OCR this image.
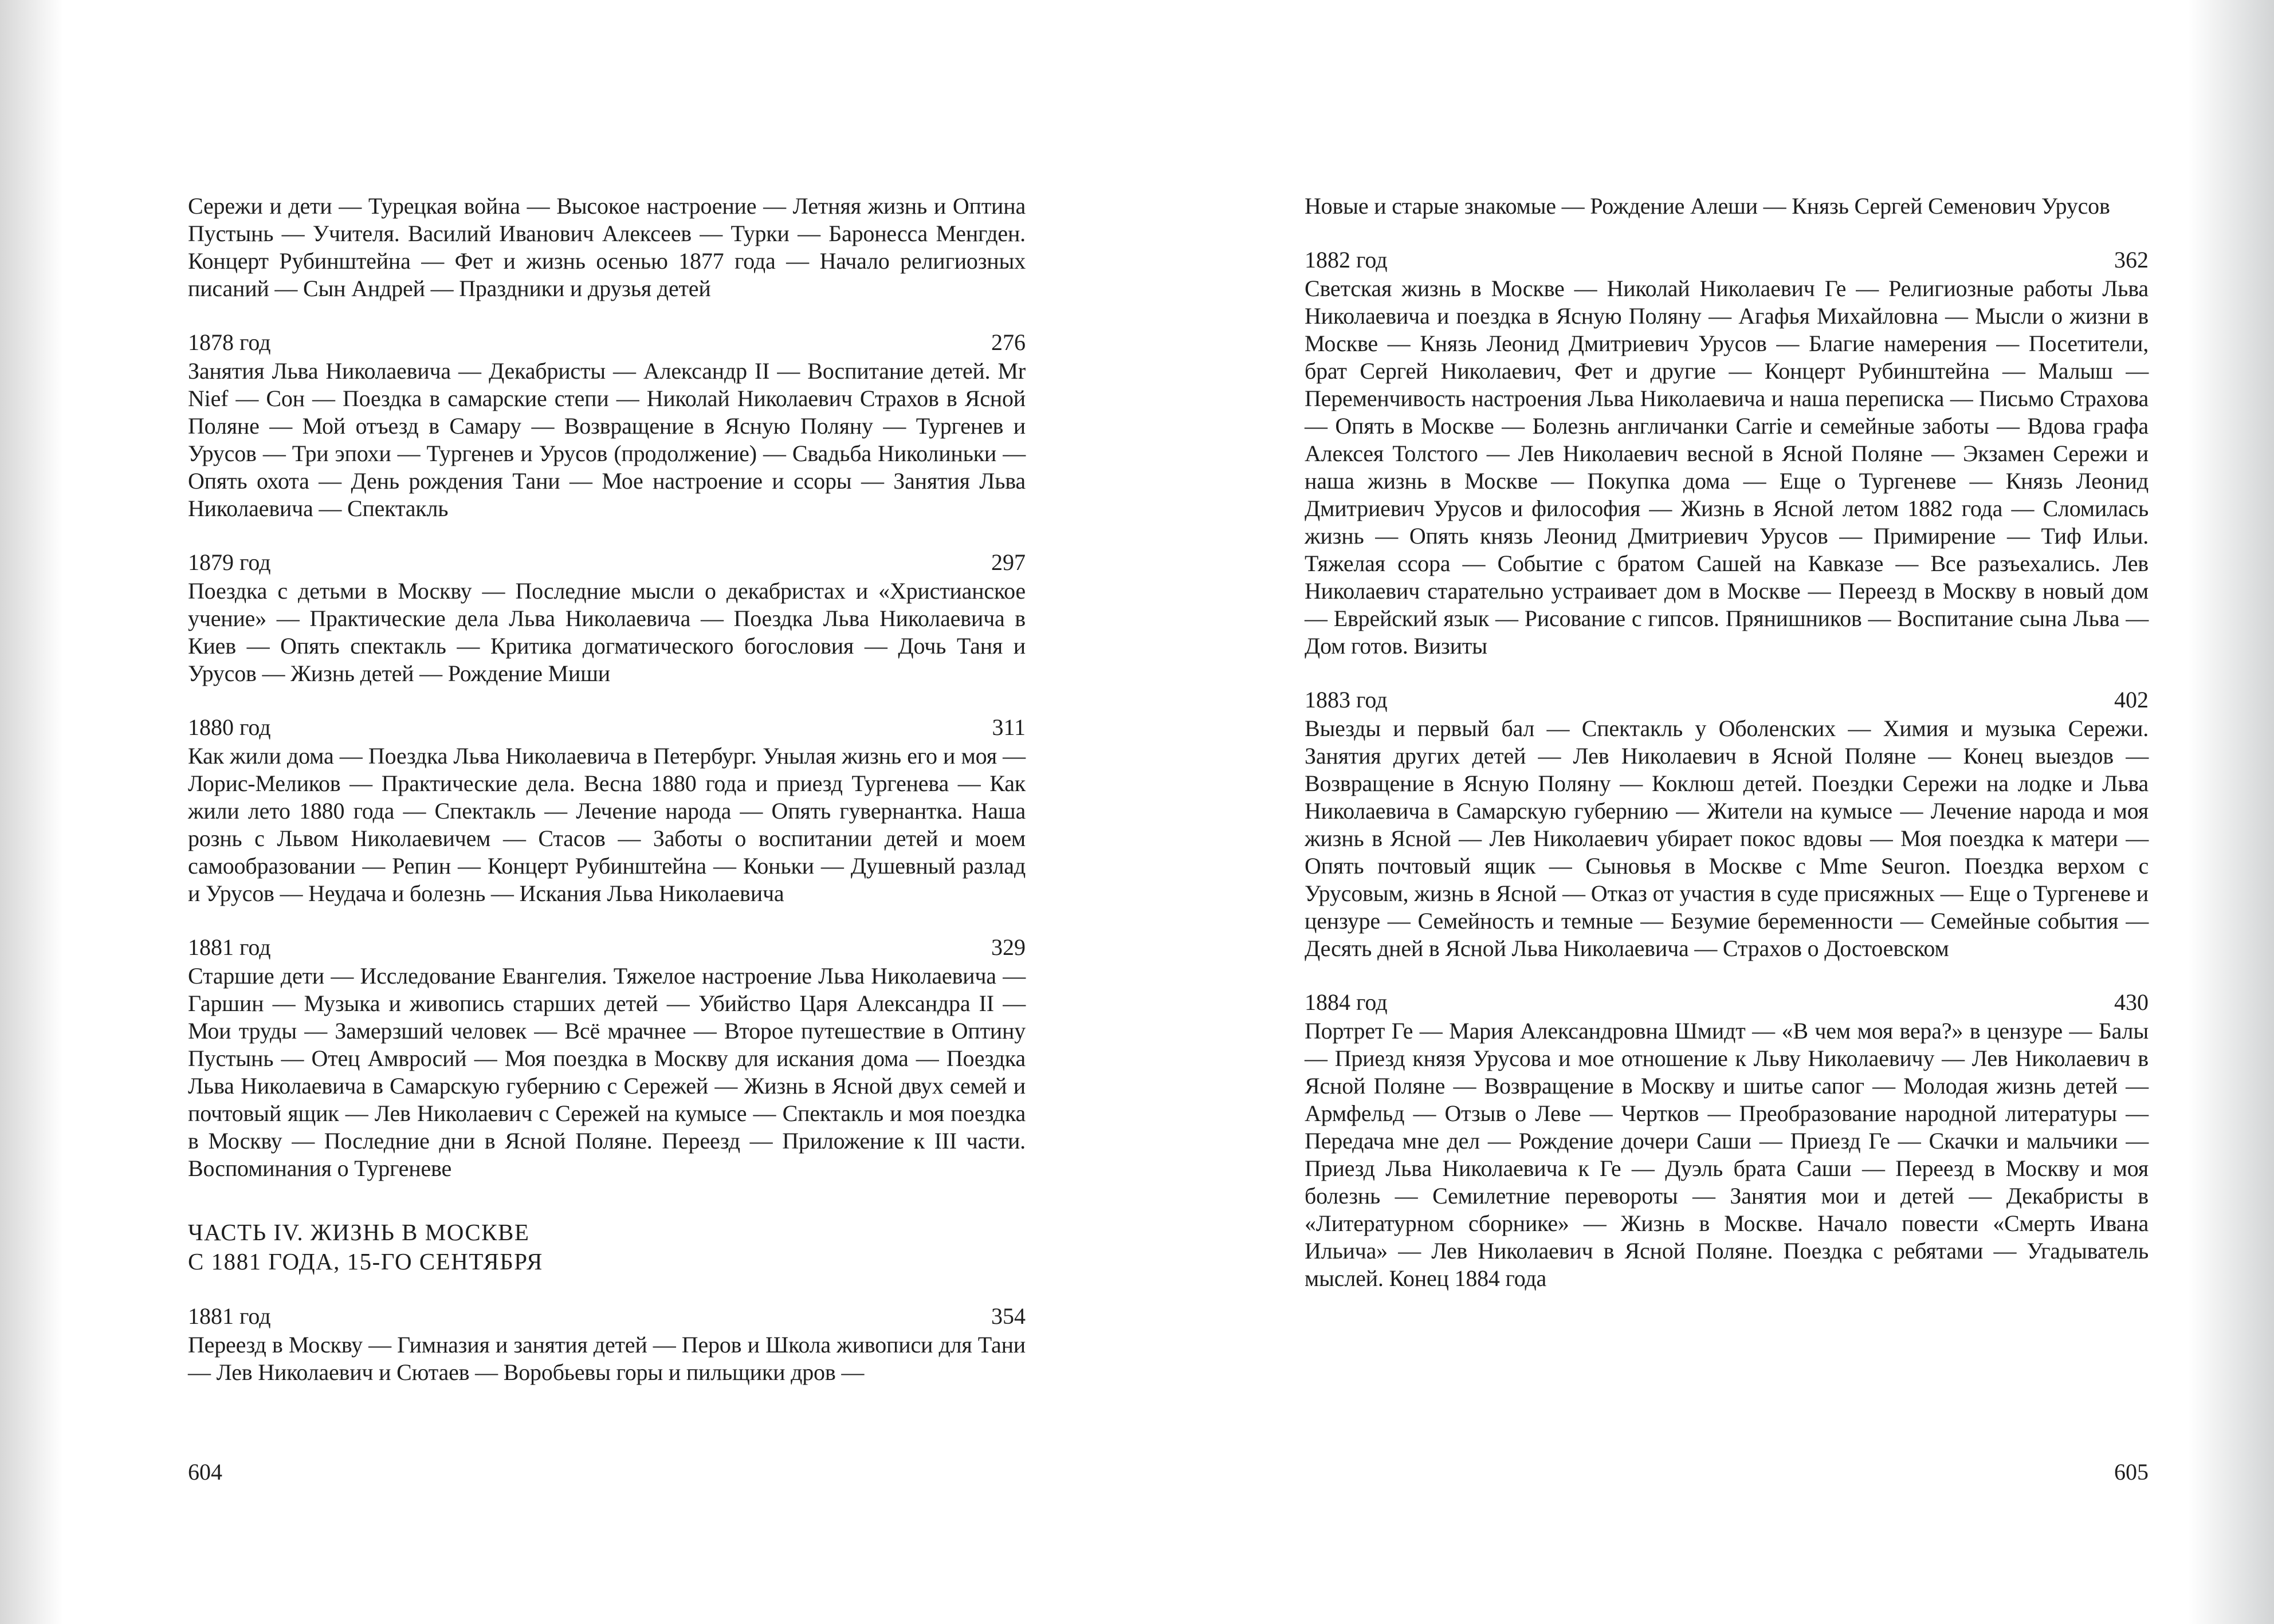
Сережи и дети — Турецкая война — Высокое настроение — Летняя жизнь и Оптина Пустынь — Учителя. Василий Иванович Алексеев — Турки — Баронесса Менгден. Концерт Рубинштейна — Фет и жизнь осенью 1877 года — Начало религиозных писаний — Сын Андрей — Праздники и друзья детей

1878 год	276

Занятия Льва Николаевича — Декабристы — Александр II — Воспитание детей. Mr Nief — Сон — Поездка в самарские степи — Николай Николаевич Страхов в Ясной Поляне — Мой отъезд в Самару — Возвращение в Ясную Поляну — Тургенев и Урусов — Три эпохи — Тургенев и Урусов (продолжение) — Свадьба Николиньки — Опять охота — День рождения Тани — Мое настроение и ссоры — Занятия Льва Николаевича — Спектакль

1879 год	297

Поездка с детьми в Москву — Последние мысли о декабристах и «Христианское учение» — Практические дела Льва Николаевича — Поездка Льва Николаевича в Киев — Опять спектакль — Критика догматического богословия — Дочь Таня и Урусов — Жизнь детей — Рождение Миши

1880 год	311

Как жили дома — Поездка Льва Николаевича в Петербург. Унылая жизнь его и моя — Лорис-Меликов — Практические дела. Весна 1880 года и приезд Тургенева — Как жили лето 1880 года — Спектакль — Лечение народа — Опять гувернантка. Наша рознь с Львом Николаевичем — Стасов — Заботы о воспитании детей и моем самообразовании — Репин — Концерт Рубинштейна — Коньки — Душевный разлад и Урусов — Неудача и болезнь — Искания Льва Николаевича

1881 год	329

Старшие дети — Исследование Евангелия. Тяжелое настроение Льва Николаевича — Гаршин — Музыка и живопись старших детей — Убийство Царя Александра II — Мои труды — Замерзший человек — Всё мрачнее — Второе путешествие в Оптину Пустынь — Отец Амвросий — Моя поездка в Москву для искания дома — Поездка Льва Николаевича в Самарскую губернию с Сережей — Жизнь в Ясной двух семей и почтовый ящик — Лев Николаевич с Сережей на кумысе — Спектакль и моя поездка в Москву — Последние дни в Ясной Поляне. Переезд — Приложение к III части. Воспоминания о Тургеневе

ЧАСТЬ IV. ЖИЗНЬ В МОСКВЕ
С 1881 ГОДА, 15-ГО СЕНТЯБРЯ
1881 год	354

Переезд в Москву — Гимназия и занятия детей — Перов и Школа живописи для Тани — Лев Николаевич и Сютаев — Воробьевы горы и пильщики дров —

604

Новые и старые знакомые — Рождение Алеши — Князь Сергей Семенович Урусов

1882 год	362

Светская жизнь в Москве — Николай Николаевич Ге — Религиозные работы Льва Николаевича и поездка в Ясную Поляну — Агафья Михайловна — Мысли о жизни в Москве — Князь Леонид Дмитриевич Урусов — Благие намерения — Посетители, брат Сергей Николаевич, Фет и другие — Концерт Рубинштейна — Малыш — Переменчивость настроения Льва Николаевича и наша переписка — Письмо Страхова — Опять в Москве — Болезнь англичанки Carrie и семейные заботы — Вдова графа Алексея Толстого — Лев Николаевич весной в Ясной Поляне — Экзамен Сережи и наша жизнь в Москве — Покупка дома — Еще о Тургеневе — Князь Леонид Дмитриевич Урусов и философия — Жизнь в Ясной летом 1882 года — Сломилась жизнь — Опять князь Леонид Дмитриевич Урусов — Примирение — Тиф Ильи. Тяжелая ссора — Событие с братом Сашей на Кавказе — Все разъехались. Лев Николаевич старательно устраивает дом в Москве — Переезд в Москву в новый дом — Еврейский язык — Рисование с гипсов. Прянишников — Воспитание сына Льва — Дом готов. Визиты

1883 год	402

Выезды и первый бал — Спектакль у Оболенских — Химия и музыка Сережи. Занятия других детей — Лев Николаевич в Ясной Поляне — Конец выездов — Возвращение в Ясную Поляну — Коклюш детей. Поездки Сережи на лодке и Льва Николаевича в Самарскую губернию — Жители на кумысе — Лечение народа и моя жизнь в Ясной — Лев Николаевич убирает покос вдовы — Моя поездка к матери — Опять почтовый ящик — Сыновья в Москве с Mme Seuron. Поездка верхом с Урусовым, жизнь в Ясной — Отказ от участия в суде присяжных — Еще о Тургеневе и цензуре — Семейность и темные — Безумие беременности — Семейные события — Десять дней в Ясной Льва Николаевича — Страхов о Достоевском

1884 год	430

Портрет Ге — Мария Александровна Шмидт — «В чем моя вера?» в цензуре — Балы — Приезд князя Урусова и мое отношение к Льву Николаевичу — Лев Николаевич в Ясной Поляне — Возвращение в Москву и шитье сапог — Молодая жизнь детей — Армфельд — Отзыв о Леве — Чертков — Преобразование народной литературы — Передача мне дел — Рождение дочери Саши — Приезд Ге — Скачки и мальчики — Приезд Льва Николаевича к Ге — Дуэль брата Саши — Переезд в Москву и моя болезнь — Семилетние перевороты — Занятия мои и детей — Декабристы в «Литературном сборнике» — Жизнь в Москве. Начало повести «Смерть Ивана Ильича» — Лев Николаевич в Ясной Поляне. Поездка с ребятами — Угадыватель мыслей. Конец 1884 года

605
